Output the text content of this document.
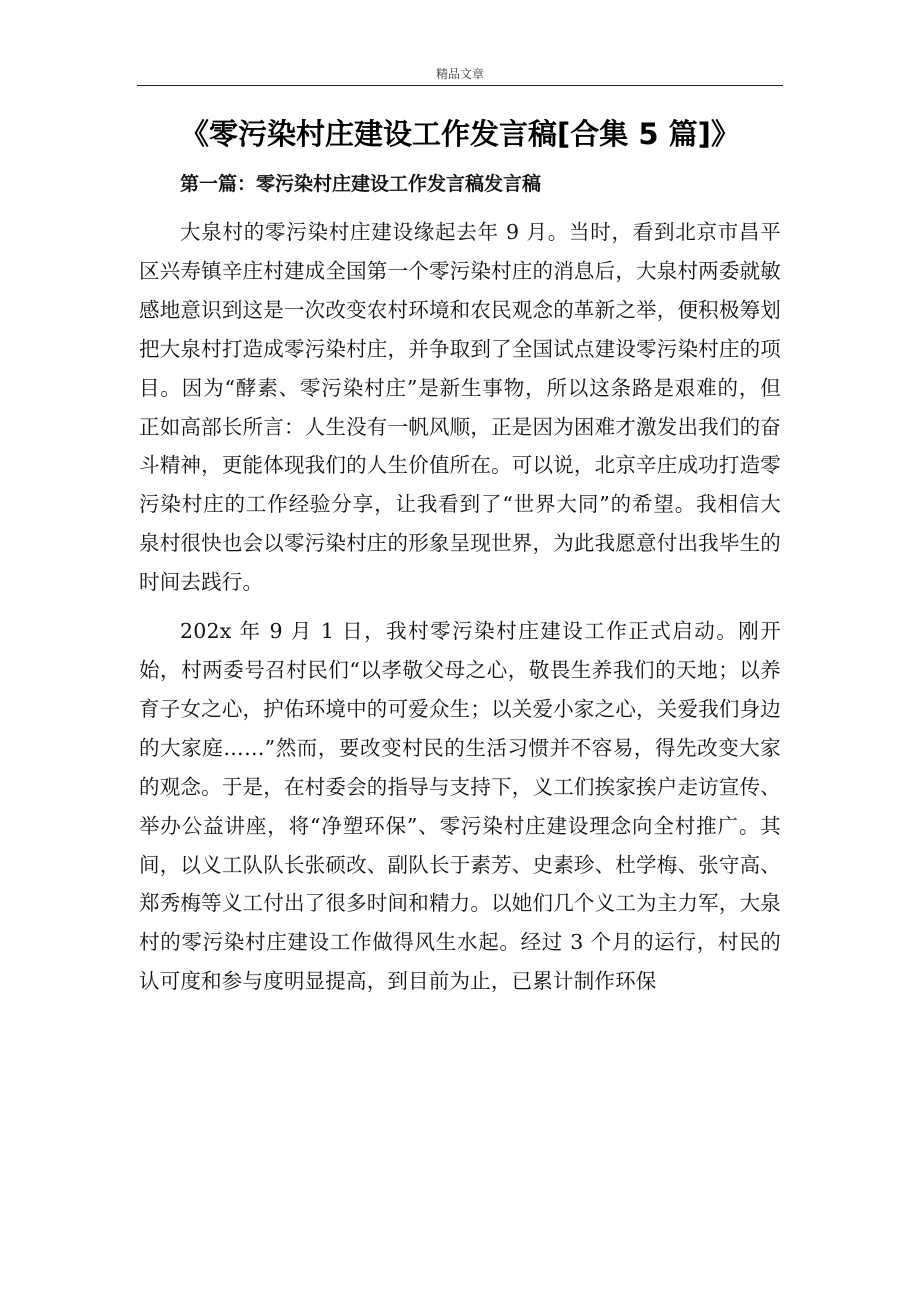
精品文章
《零污染村庄建设工作发言稿[合集 5 篇]》
第一篇：零污染村庄建设工作发言稿发言稿

大泉村的零污染村庄建设缘起去年 9 月。当时，看到北京市昌平区兴寿镇辛庄村建成全国第一个零污染村庄的消息后，大泉村两委就敏感地意识到这是一次改变农村环境和农民观念的革新之举，便积极筹划把大泉村打造成零污染村庄，并争取到了全国试点建设零污染村庄的项目。因为“酵素、零污染村庄”是新生事物，所以这条路是艰难的，但正如高部长所言：人生没有一帆风顺，正是因为困难才激发出我们的奋斗精神，更能体现我们的人生价值所在。可以说，北京辛庄成功打造零污染村庄的工作经验分享，让我看到了“世界大同”的希望。我相信大泉村很快也会以零污染村庄的形象呈现世界，为此我愿意付出我毕生的时间去践行。

202x 年 9 月 1 日，我村零污染村庄建设工作正式启动。刚开始，村两委号召村民们“以孝敬父母之心，敬畏生养我们的天地；以养育子女之心，护佑环境中的可爱众生；以关爱小家之心，关爱我们身边的大家庭……”然而，要改变村民的生活习惯并不容易，得先改变大家的观念。于是，在村委会的指导与支持下，义工们挨家挨户走访宣传、举办公益讲座，将“净塑环保”、零污染村庄建设理念向全村推广。其间，以义工队队长张硕改、副队长于素芳、史素珍、杜学梅、张守高、郑秀梅等义工付出了很多时间和精力。以她们几个义工为主力军，大泉村的零污染村庄建设工作做得风生水起。经过 3 个月的运行，村民的认可度和参与度明显提高，到目前为止，已累计制作环保
